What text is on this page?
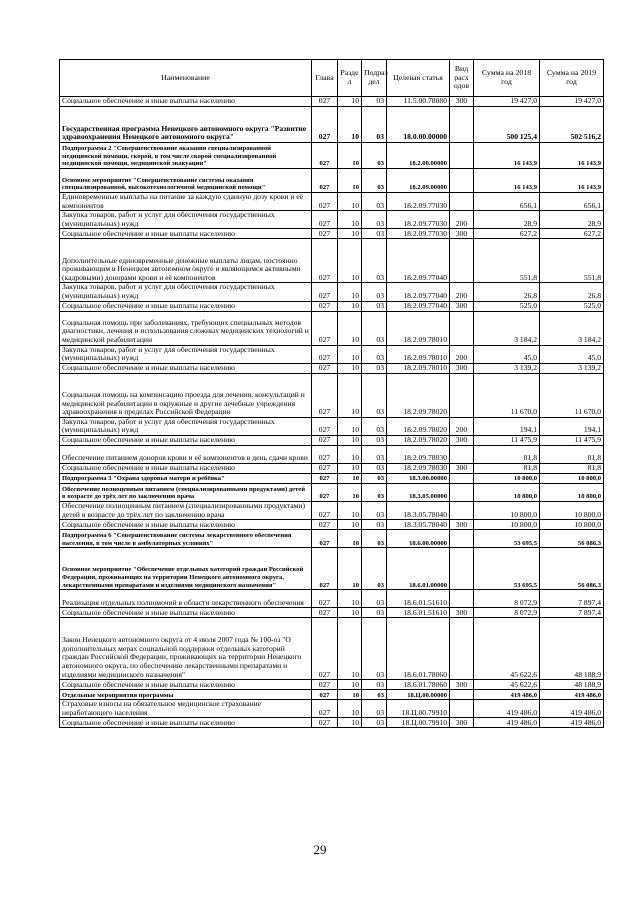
Наименование	Глава	Разде л	Подраз дел	Целевая статья	Вид расх одов	Сумма на 2018 год	Сумма на 2019 год
Социальное обеспечение и иные выплаты населению	027	10	03	11.5.00.78080	300	19 427,0	19 427,0
Государственная программа Ненецкого автономного округа "Развитие здравоохранения Ненецкого автономного округа"	027	10	03	18.0.00.00000		500 125,4	502 516,2
Подпрограмма 2 "Совершенствование оказания специализированной медицинской помощи, скорой, в том числе скорой специализированной медицинской помощи, медицинской эвакуации"	027	10	03	18.2.00.00000		16 143,9	16 143,9
Основное мероприятие "Совершенствование системы оказания специализированной, высокотехнологичной медицинской помощи"	027	10	03	18.2.09.00000		16 143,9	16 143,9
Единовременные выплаты на питание за каждую сданную дозу крови и её компонентов	027	10	03	18.2.09.77030		656,1	656,1
Закупка товаров, работ и услуг для обеспечения государственных (муниципальных) нужд	027	10	03	18.2.09.77030	200	28,9	28,9
Социальное обеспечение и иные выплаты населению	027	10	03	18.2.09.77030	300	627,2	627,2
Дополнительные единовременные денежные выплаты лицам, постоянно проживающим в Ненецком автономном округе и являющимся активными (кадровыми) донорами крови и её компонентов	027	10	03	18.2.09.77040		551,8	551,8
Закупка товаров, работ и услуг для обеспечения государственных (муниципальных) нужд	027	10	03	18.2.09.77040	200	26,8	26,8
Социальное обеспечение и иные выплаты населению	027	10	03	18.2.09.77040	300	525,0	525,0
Социальная помощь при заболеваниях, требующих специальных методов диагностики, лечения и использования сложных медицинских технологий и медицинской реабилитации	027	10	03	18.2.09.78010		3 184,2	3 184,2
Закупка товаров, работ и услуг для обеспечения государственных (муниципальных) нужд	027	10	03	18.2.09.78010	200	45,0	45,0
Социальное обеспечение и иные выплаты населению	027	10	03	18.2.09.78010	300	3 139,2	3 139,2
Социальная помощь на компенсацию проезда для лечения, консультаций и медицинской реабилитации в окружные и другие лечебные учреждения здравоохранения в пределах Российской Федерации	027	10	03	18.2.09.78020		11 670,0	11 670,0
Закупка товаров, работ и услуг для обеспечения государственных (муниципальных) нужд	027	10	03	18.2.09.78020	200	194,1	194,1
Социальное обеспечение и иные выплаты населению	027	10	03	18.2.09.78020	300	11 475,9	11 475,9
Обеспечение питанием доноров крови и её компонентов в день сдачи крови	027	10	03	18.2.09.78030		81,8	81,8
Социальное обеспечение и иные выплаты населению	027	10	03	18.2.09.78030	300	81,8	81,8
Подпрограмма 3 "Охрана здоровья матери и ребёнка"	027	10	03	18.3.00.00000		10 800,0	10 800,0
Обеспечение полноценным питанием (специализированными продуктами) детей в возрасте до трёх лет по заключению врача	027	10	03	18.3.05.00000		10 800,0	10 800,0
Обеспечение полноценным питанием (специализированными продуктами) детей в возрасте до трёх лет по заключению врача	027	10	03	18.3.05.78040		10 800,0	10 800,0
Социальное обеспечение и иные выплаты населению	027	10	03	18.3.05.78040	300	10 800,0	10 800,0
Подпрограмма 6 "Совершенствование системы лекарственного обеспечения населения, в том числе в амбулаторных условиях"	027	10	03	18.6.00.00000		53 695,5	56 086,3
Основное мероприятие "Обеспечение отдельных категорий граждан Российской Федерации, проживающих на территории Ненецкого автономного округа, лекарственными препаратами и изделиями медицинского назначения"	027	10	03	18.6.01.00000		53 695,5	56 086,3
Реализация отдельных полномочий в области лекарственного обеспечения	027	10	03	18.6.01.51610		8 072,9	7 897,4
Социальное обеспечение и иные выплаты населению	027	10	03	18.6.01.51610	300	8 072,9	7 897,4
Закон Ненецкого автономного округа от 4 июля 2007 года № 100-оз "О дополнительных мерах социальной поддержки отдельных категорий граждан Российской Федерации, проживающих на территории Ненецкого автономного округа, по обеспечению лекарственными препаратами и изделиями медицинского назначения"	027	10	03	18.6.01.78060		45 622,6	48 188,9
Социальное обеспечение и иные выплаты населению	027	10	03	18.6.01.78060	300	45 622,6	48 188,9
Отдельные мероприятия программы	027	10	03	18.Ц.00.00000		419 486,0	419 486,0
Страховые взносы на обязательное медицинское страхование неработающего населения	027	10	03	18.Ц.00.79910		419 486,0	419 486,0
Социальное обеспечение и иные выплаты населению	027	10	03	18.Ц.00.79910	300	419 486,0	419 486,0
29
